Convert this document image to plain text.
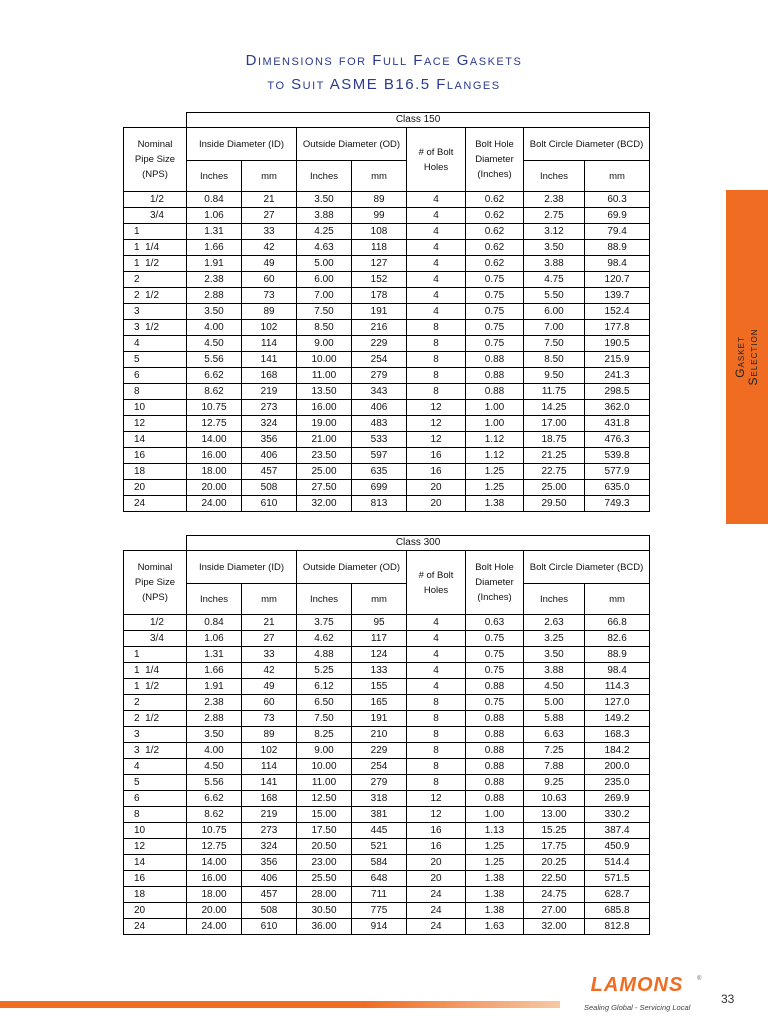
Dimensions for Full Face Gaskets
to Suit ASME B16.5 Flanges
	Class 150							
Nominal Pipe Size (NPS)	Inside Diameter (ID)		Outside Diameter (OD)		# of Bolt Holes	Bolt Hole Diameter (Inches)	Bolt Circle Diameter (BCD)	
	Inches	mm	Inches	mm			Inches	mm
1/2	0.84	21	3.50	89	4	0.62	2.38	60.3
3/4	1.06	27	3.88	99	4	0.62	2.75	69.9
1	1.31	33	4.25	108	4	0.62	3.12	79.4
1  1/4	1.66	42	4.63	118	4	0.62	3.50	88.9
1  1/2	1.91	49	5.00	127	4	0.62	3.88	98.4
2	2.38	60	6.00	152	4	0.75	4.75	120.7
2  1/2	2.88	73	7.00	178	4	0.75	5.50	139.7
3	3.50	89	7.50	191	4	0.75	6.00	152.4
3  1/2	4.00	102	8.50	216	8	0.75	7.00	177.8
4	4.50	114	9.00	229	8	0.75	7.50	190.5
5	5.56	141	10.00	254	8	0.88	8.50	215.9
6	6.62	168	11.00	279	8	0.88	9.50	241.3
8	8.62	219	13.50	343	8	0.88	11.75	298.5
10	10.75	273	16.00	406	12	1.00	14.25	362.0
12	12.75	324	19.00	483	12	1.00	17.00	431.8
14	14.00	356	21.00	533	12	1.12	18.75	476.3
16	16.00	406	23.50	597	16	1.12	21.25	539.8
18	18.00	457	25.00	635	16	1.25	22.75	577.9
20	20.00	508	27.50	699	20	1.25	25.00	635.0
24	24.00	610	32.00	813	20	1.38	29.50	749.3
	Class 300							
Nominal Pipe Size (NPS)	Inside Diameter (ID)		Outside Diameter (OD)		# of Bolt Holes	Bolt Hole Diameter (Inches)	Bolt Circle Diameter (BCD)	
	Inches	mm	Inches	mm			Inches	mm
1/2	0.84	21	3.75	95	4	0.63	2.63	66.8
3/4	1.06	27	4.62	117	4	0.75	3.25	82.6
1	1.31	33	4.88	124	4	0.75	3.50	88.9
1  1/4	1.66	42	5.25	133	4	0.75	3.88	98.4
1  1/2	1.91	49	6.12	155	4	0.88	4.50	114.3
2	2.38	60	6.50	165	8	0.75	5.00	127.0
2  1/2	2.88	73	7.50	191	8	0.88	5.88	149.2
3	3.50	89	8.25	210	8	0.88	6.63	168.3
3  1/2	4.00	102	9.00	229	8	0.88	7.25	184.2
4	4.50	114	10.00	254	8	0.88	7.88	200.0
5	5.56	141	11.00	279	8	0.88	9.25	235.0
6	6.62	168	12.50	318	12	0.88	10.63	269.9
8	8.62	219	15.00	381	12	1.00	13.00	330.2
10	10.75	273	17.50	445	16	1.13	15.25	387.4
12	12.75	324	20.50	521	16	1.25	17.75	450.9
14	14.00	356	23.00	584	20	1.25	20.25	514.4
16	16.00	406	25.50	648	20	1.38	22.50	571.5
18	18.00	457	28.00	711	24	1.38	24.75	628.7
20	20.00	508	30.50	775	24	1.38	27.00	685.8
24	24.00	610	36.00	914	24	1.63	32.00	812.8
Gasket Selection
LAMONS	®
Sealing Global - Servicing Local
33
